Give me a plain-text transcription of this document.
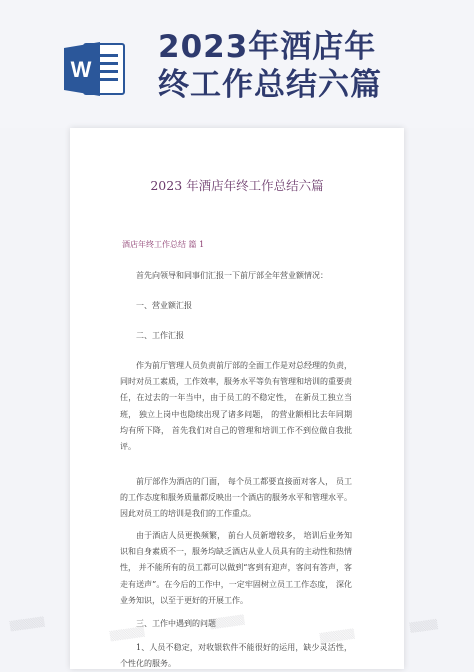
W
2023年酒店年
终工作总结六篇
2023 年酒店年终工作总结六篇
酒店年终工作总结 篇 1

首先向领导和同事们汇报一下前厅部全年营业额情况：

一、营业额汇报

二、工作汇报

作为前厅管理人员负责前厅部的全面工作是对总经理的负责，同时对员工素质，工作效率，服务水平等负有管理和培训的重要责任，在过去的一年当中，由于员工的不稳定性， 在新员工独立当班， 独立上岗中也隐续出现了诸多问题， 的营业额相比去年同期均有所下降， 首先我们对自己的管理和培训工作不到位做自我批评。

前厅部作为酒店的门面， 每个员工都要直接面对客人， 员工的工作态度和服务质量都反映出一个酒店的服务水平和管理水平。 因此对员工的培训是我们的工作重点。

由于酒店人员更换频繁， 前台人员新增较多， 培训后业务知识和自身素质不一，服务均缺乏酒店从业人员具有的主动性和热情性， 并不能所有的员工都可以做到“客到有迎声，客问有答声，客走有送声”。在今后的工作中，一定牢固树立员工工作态度， 深化业务知识，以至于更好的开展工作。

三、工作中遇到的问题

1、人员不稳定，对收银软件不能很好的运用，缺少灵活性，个性化的服务。

▒▒▒▒▒
▒▒▒▒▒
▒▒▒▒▒
▒▒▒▒▒
▒▒▒▒
